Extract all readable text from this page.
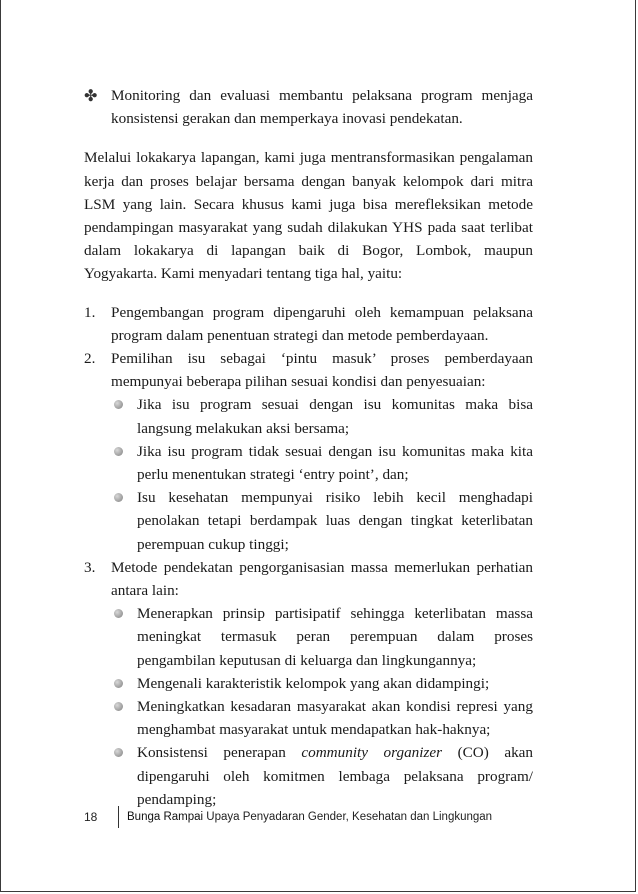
✤ Monitoring dan evaluasi membantu pelaksana program menjaga konsistensi gerakan dan memperkaya inovasi pendekatan.

Melalui lokakarya lapangan, kami juga mentransformasikan pengalaman kerja dan proses belajar bersama dengan banyak kelompok dari mitra LSM yang lain. Secara khusus kami juga bisa merefleksikan metode pendampingan masyarakat yang sudah dilakukan YHS pada saat terlibat dalam lokakarya di lapangan baik di Bogor, Lombok, maupun Yogyakarta. Kami menyadari tentang tiga hal, yaitu:

1.	Pengembangan program dipengaruhi oleh kemampuan pelaksana program dalam penentuan strategi dan metode pemberdayaan.

2.	Pemilihan isu sebagai ‘pintu masuk’ proses pemberdayaan mempunyai beberapa pilihan sesuai kondisi dan penyesuaian:

Jika isu program sesuai dengan isu komunitas maka bisa langsung melakukan aksi bersama;

Jika isu program tidak sesuai dengan isu komunitas maka kita perlu menentukan strategi ‘entry point’, dan;

Isu kesehatan mempunyai risiko lebih kecil menghadapi penolakan tetapi berdampak luas dengan tingkat keterlibatan perempuan cukup tinggi;

3.	Metode pendekatan pengorganisasian massa memerlukan perhatian antara lain:

Menerapkan prinsip partisipatif sehingga keterlibatan massa meningkat termasuk peran perempuan dalam proses pengambilan keputusan di keluarga dan lingkungannya;

Mengenali karakteristik kelompok yang akan didampingi;

Meningkatkan kesadaran masyarakat akan kondisi represi yang menghambat masyarakat untuk mendapatkan hak-haknya;

Konsistensi penerapan community organizer (CO) akan dipengaruhi oleh komitmen lembaga pelaksana program/ pendamping;

18	Bunga Rampai Upaya Penyadaran Gender, Kesehatan dan Lingkungan
